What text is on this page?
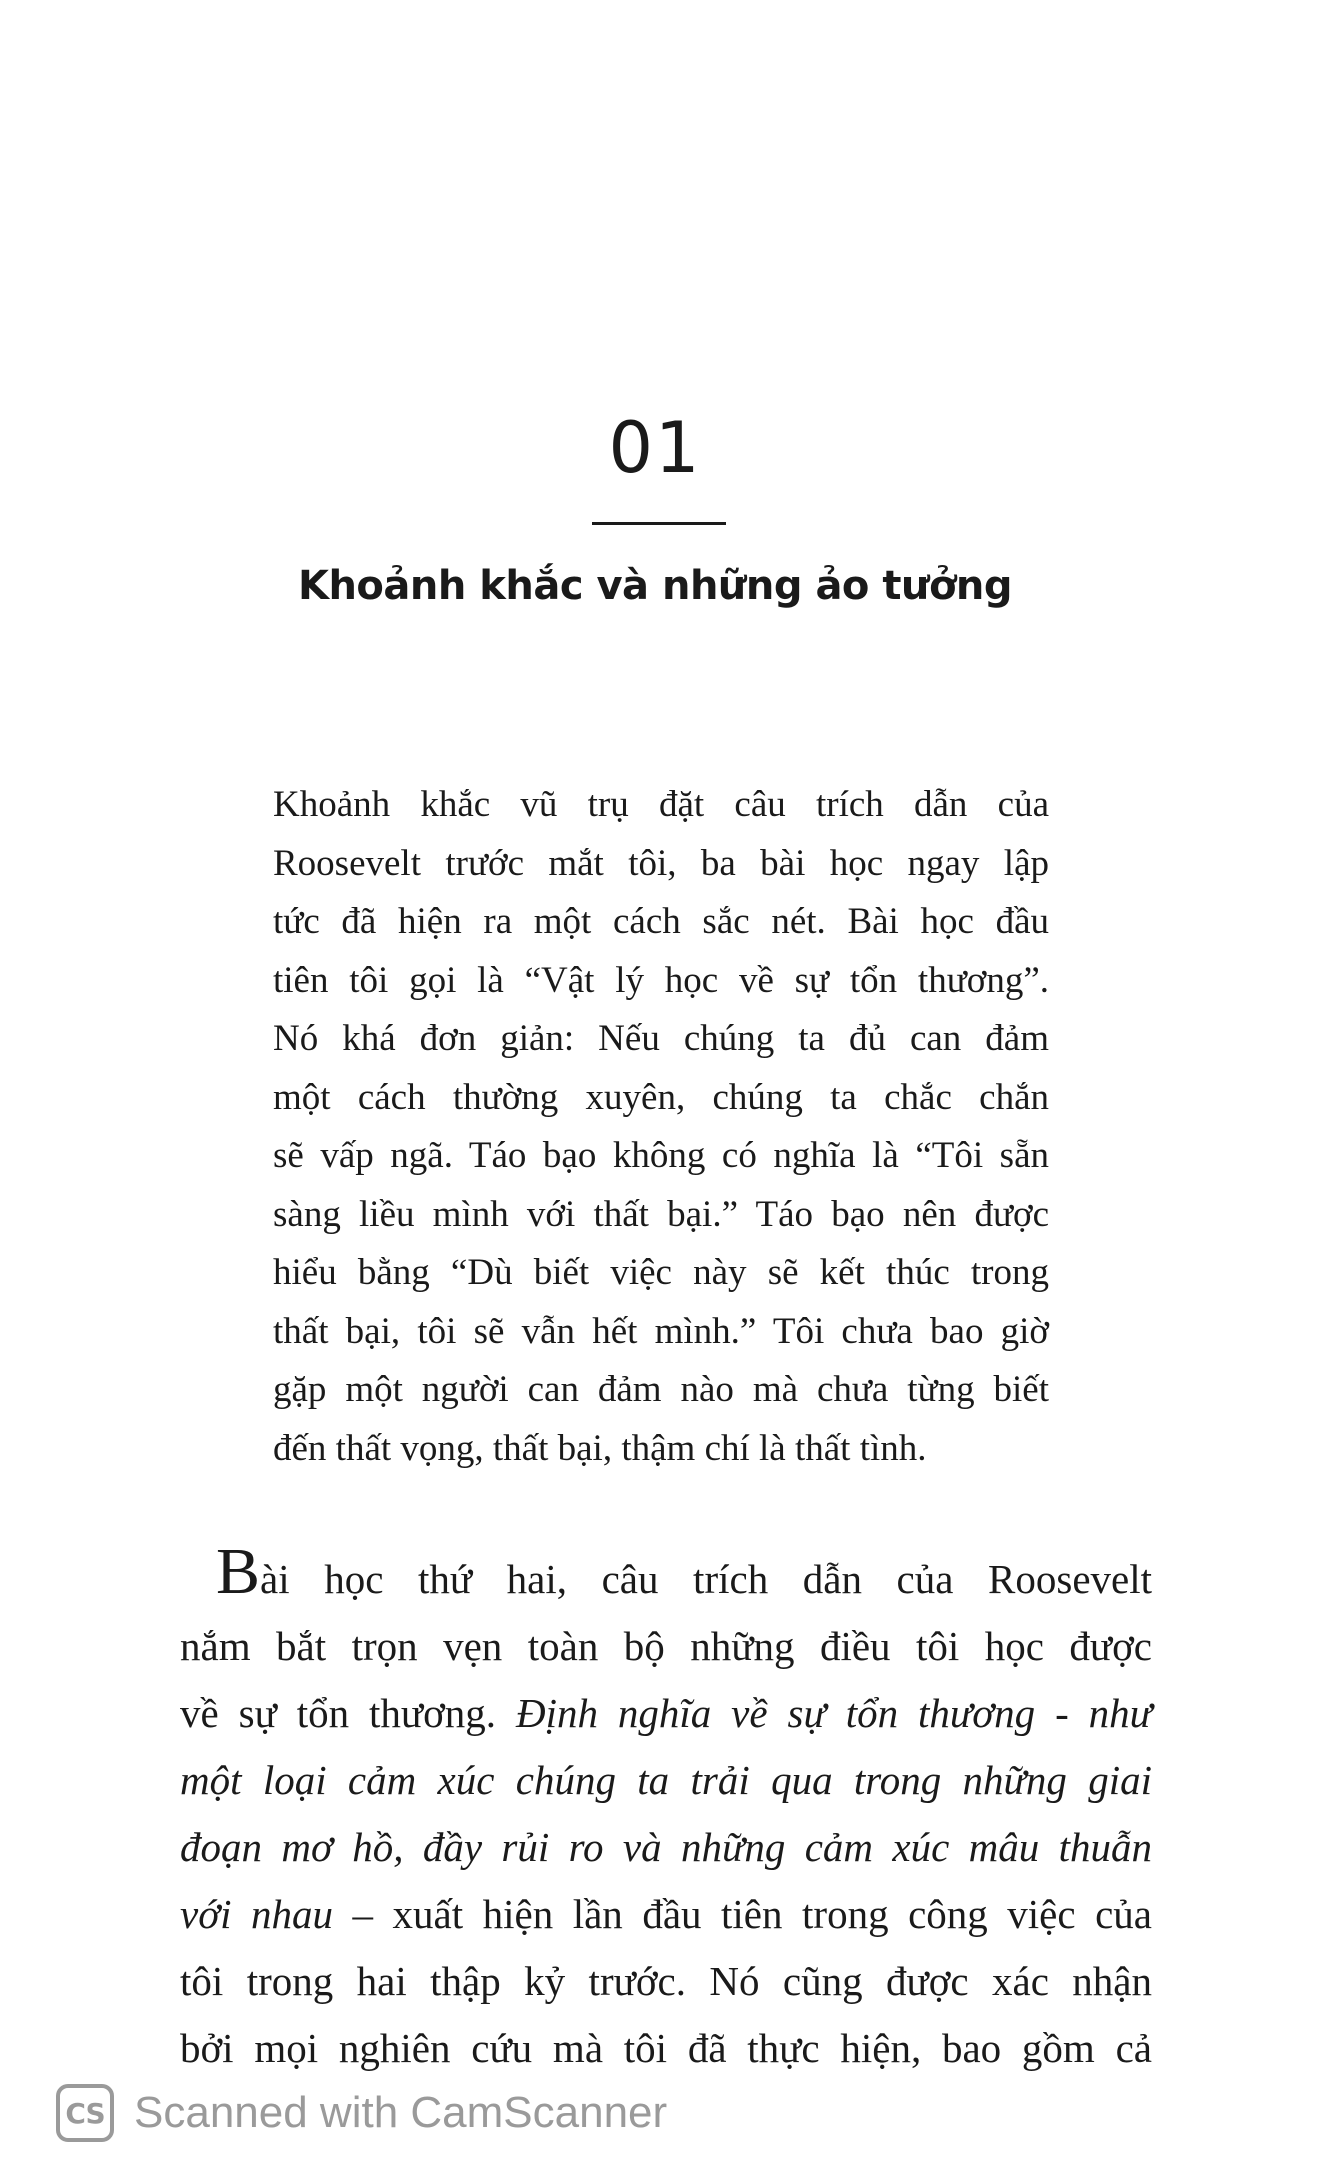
01
Khoảnh khắc và những ảo tưởng
Khoảnh khắc vũ trụ đặt câu trích dẫn của
Roosevelt trước mắt tôi, ba bài học ngay lập
tức đã hiện ra một cách sắc nét. Bài học đầu
tiên tôi gọi là “Vật lý học về sự tổn thương”.
Nó khá đơn giản: Nếu chúng ta đủ can đảm
một cách thường xuyên, chúng ta chắc chắn
sẽ vấp ngã. Táo bạo không có nghĩa là “Tôi sẵn
sàng liều mình với thất bại.” Táo bạo nên được
hiểu bằng “Dù biết việc này sẽ kết thúc trong
thất bại, tôi sẽ vẫn hết mình.” Tôi chưa bao giờ
gặp một người can đảm nào mà chưa từng biết
đến thất vọng, thất bại, thậm chí là thất tình.
Bài học thứ hai, câu trích dẫn của Roosevelt
nắm bắt trọn vẹn toàn bộ những điều tôi học được
về sự tổn thương. Định nghĩa về sự tổn thương - như
một loại cảm xúc chúng ta trải qua trong những giai
đoạn mơ hồ, đầy rủi ro và những cảm xúc mâu thuẫn
với nhau – xuất hiện lần đầu tiên trong công việc của
tôi trong hai thập kỷ trước. Nó cũng được xác nhận
bởi mọi nghiên cứu mà tôi đã thực hiện, bao gồm cả
CS Scanned with CamScanner
